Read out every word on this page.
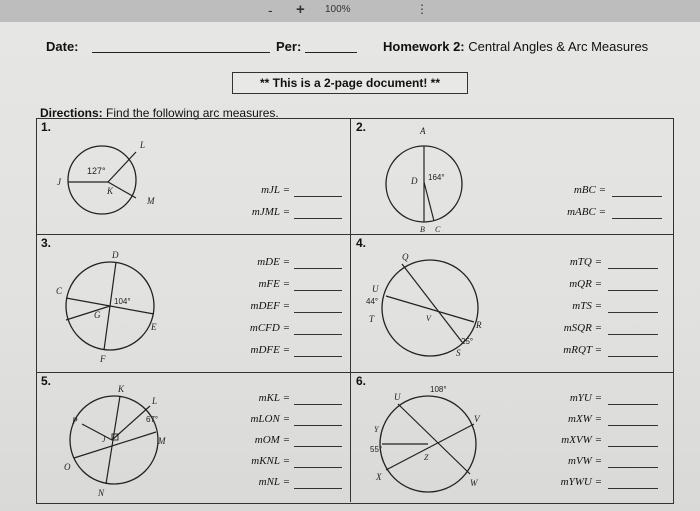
- + 100%	⋮
Date:	Per:	Homework 2: Central Angles & Arc Measures
** This is a 2-page document! **
Directions: Find the following arc measures.
1.	2.
3.	4.
5.	6.
L
J
K
M
127°
A
D
B C
164°
D
C
G
E
F
104°
Q
U
T	V
R
S
44°
25°
K
L
P
J	M
O
N
67°
U
Y
X
Z
V
W
108°
55°
mJL =
mJML =
mBC =
mABC =
mDE =
mFE =
mDEF =
mCFD =
mDFE =
mTQ =
mQR =
mTS =
mSQR =
mRQT =
mKL =
mLON =
mOM =
mKNL =
mNL =
mYU =
mXW =
mXVW =
mVW =
mYWU =
